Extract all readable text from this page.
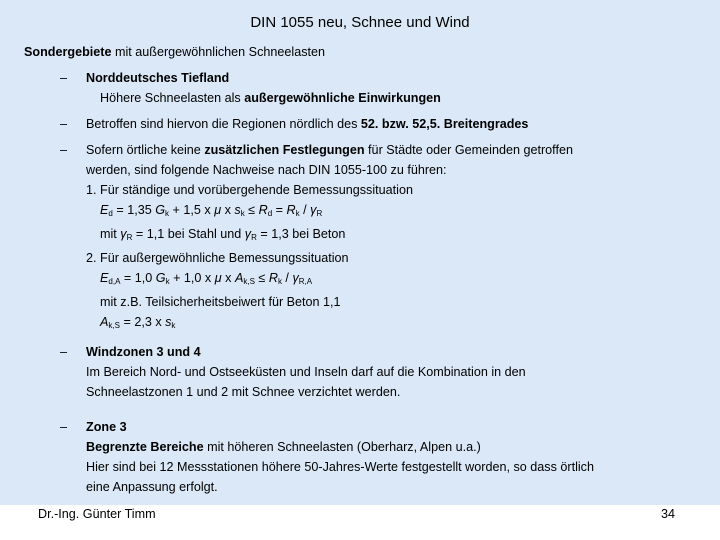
DIN 1055 neu, Schnee und Wind

Sondergebiete mit außergewöhnlichen Schneelasten

– Norddeutsches Tiefland
Höhere Schneelasten als außergewöhnliche Einwirkungen
– Betroffen sind hiervon die Regionen nördlich des 52. bzw. 52,5. Breitengrades
– Sofern örtliche keine zusätzlichen Festlegungen für Städte oder Gemeinden getroffen
werden, sind folgende Nachweise nach DIN 1055-100 zu führen:
1. Für ständige und vorübergehende Bemessungssituation
$E_d = 1,35$ $G_k + 1,5$ x μ x $s_k \le R_d = R_k / \gamma_R$
mit $\gamma_R = 1,1$ bei Stahl und $\gamma_R = 1,3$ bei Beton
2. Für außergewöhnliche Bemessungssituation
$E_{d,A} = 1,0$ $G_k + 1,0$ x μ x $A_{k,S} \le R_k / \gamma_{R,A}$
mit z.B. Teilsicherheitsbeiwert für Beton 1,1
$A_{k,S} = 2,3$ x $s_k$
– Windzonen 3 und 4
Im Bereich Nord- und Ostseeküsten und Inseln darf auf die Kombination in den
Schneelastzonen 1 und 2 mit Schnee verzichtet werden.
– Zone 3
Begrenzte Bereiche mit höheren Schneelasten (Oberharz, Alpen u.a.)
Hier sind bei 12 Messstationen höhere 50-Jahres-Werte festgestellt worden, so dass örtlich
eine Anpassung erfolgt.
Dr.-Ing. Günter Timm	34
